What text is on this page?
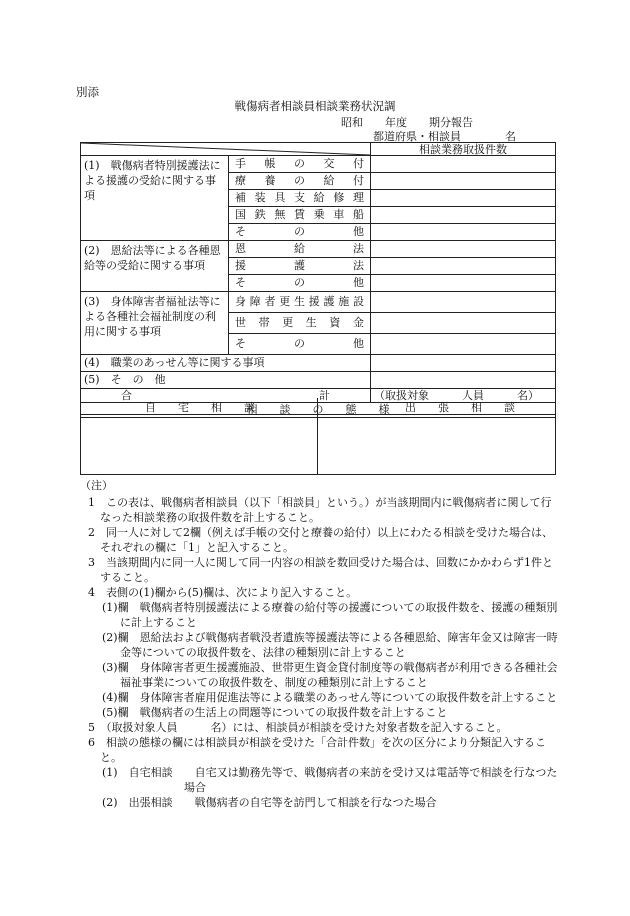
別添
戦傷病者相談員相談業務状況調
昭和　　年度　　期分報告
都道府県・相談員　　　　名
	相談業務取扱件数
(1)　戦傷病者特別援護法による援護の受給に関する事項	手帳の交付	
	療養の給付	
	補装具支給修理	
	国鉄無賃乗車船	
	その他	
(2)　恩給法等による各種恩給等の受給に関する事項	恩給法	
	援護法	
	その他	
(3)　身体障害者福祉法等による各種社会福祉制度の利用に関する事項	身障者更生援護施設	
	世帯更生資金	
	その他	
(4)　職業のあっせん等に関する事項		
(5)　そ　の　他		
合　　　　　　　　　　　　　　　　　計		（取扱対象　　　人員　　　名）
相　　談　　の　　態　　様		
自　　宅　　相　　談	出　　張　　相　　談
（注）
1　この表は、戦傷病者相談員（以下「相談員」という。）が当該期間内に戦傷病者に関して行なった相談業務の取扱件数を計上すること。
2　同一人に対して2欄（例えば手帳の交付と療養の給付）以上にわたる相談を受けた場合は、それぞれの欄に「1」と記入すること。
3　当該期間内に同一人に関して同一内容の相談を数回受けた場合は、回数にかかわらず1件とすること。
4　表側の(1)欄から(5)欄は、次により記入すること。
(1)欄　戦傷病者特別援護法による療養の給付等の援護についての取扱件数を、援護の種類別に計上すること
(2)欄　恩給法および戦傷病者戦没者遺族等援護法等による各種恩給、障害年金又は障害一時金等についての取扱件数を、法律の種類別に計上すること
(3)欄　身体障害者更生援護施設、世帯更生資金貸付制度等の戦傷病者が利用できる各種社会福祉事業についての取扱件数を、制度の種類別に計上すること
(4)欄　身体障害者雇用促進法等による職業のあっせん等についての取扱件数を計上すること
(5)欄　戦傷病者の生活上の問題等についての取扱件数を計上すること
5　（取扱対象人員　　　名）には、相談員が相談を受けた対象者数を記入すること。
6　相談の態様の欄には相談員が相談を受けた「合計件数」を次の区分により分類記入すること。
(1)　自宅相談　　自宅又は勤務先等で、戦傷病者の来訪を受け又は電話等で相談を行なつた場合
(2)　出張相談　　戦傷病者の自宅等を訪門して相談を行なつた場合
